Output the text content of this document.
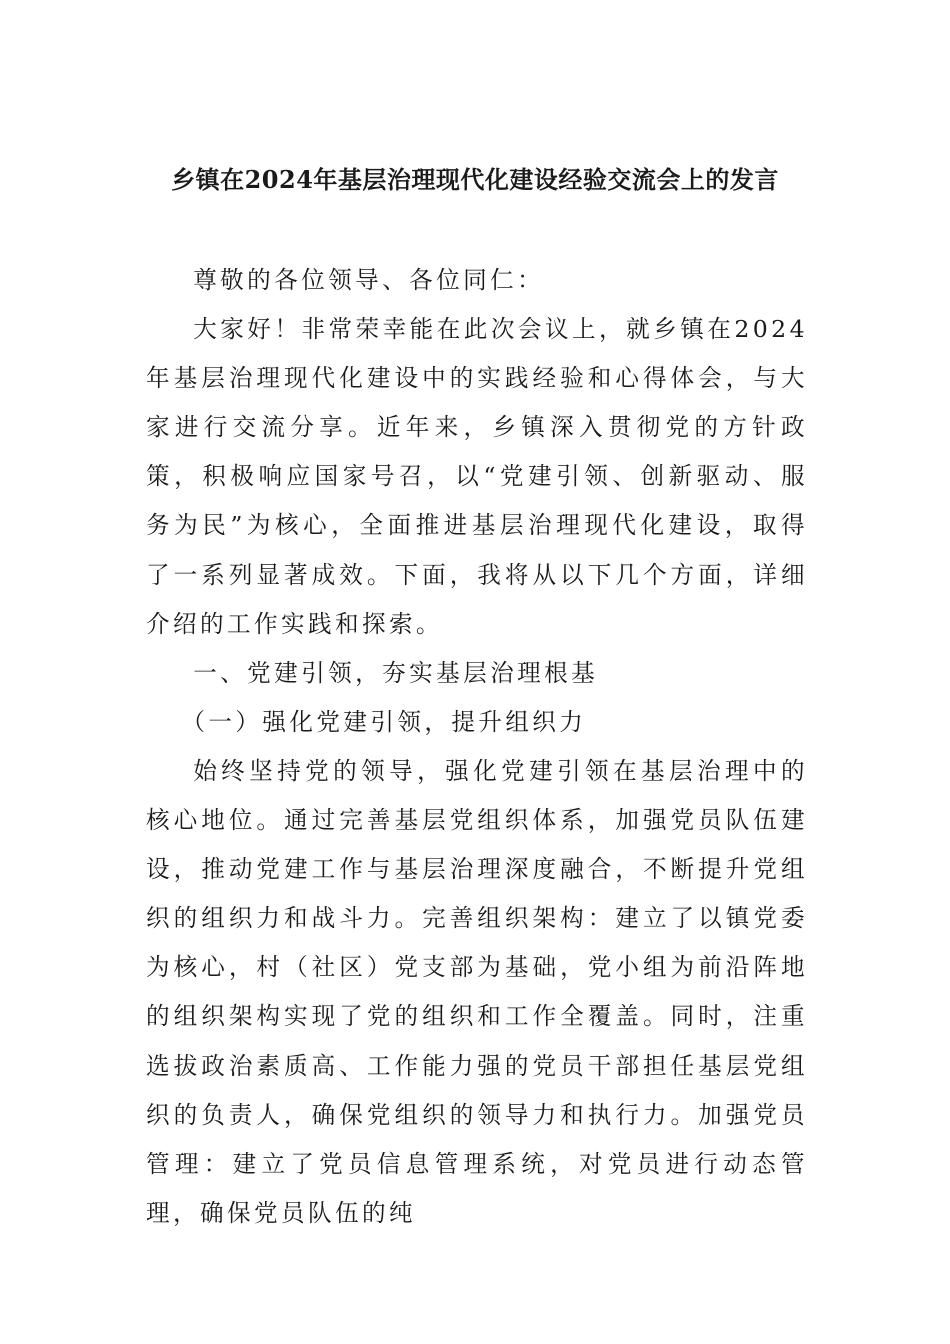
乡镇在2024年基层治理现代化建设经验交流会上的发言

尊敬的各位领导、各位同仁：

大家好！非常荣幸能在此次会议上，就乡镇在2024年基层治理现代化建设中的实践经验和心得体会，与大家进行交流分享。近年来，乡镇深入贯彻党的方针政策，积极响应国家号召，以“党建引领、创新驱动、服务为民”为核心，全面推进基层治理现代化建设，取得了一系列显著成效。下面，我将从以下几个方面，详细介绍的工作实践和探索。

一、党建引领，夯实基层治理根基

（一）强化党建引领，提升组织力

始终坚持党的领导，强化党建引领在基层治理中的核心地位。通过完善基层党组织体系，加强党员队伍建设，推动党建工作与基层治理深度融合，不断提升党组织的组织力和战斗力。完善组织架构：建立了以镇党委为核心，村（社区）党支部为基础，党小组为前沿阵地的组织架构实现了党的组织和工作全覆盖。同时，注重选拔政治素质高、工作能力强的党员干部担任基层党组织的负责人，确保党组织的领导力和执行力。加强党员管理：建立了党员信息管理系统，对党员进行动态管理，确保党员队伍的纯
